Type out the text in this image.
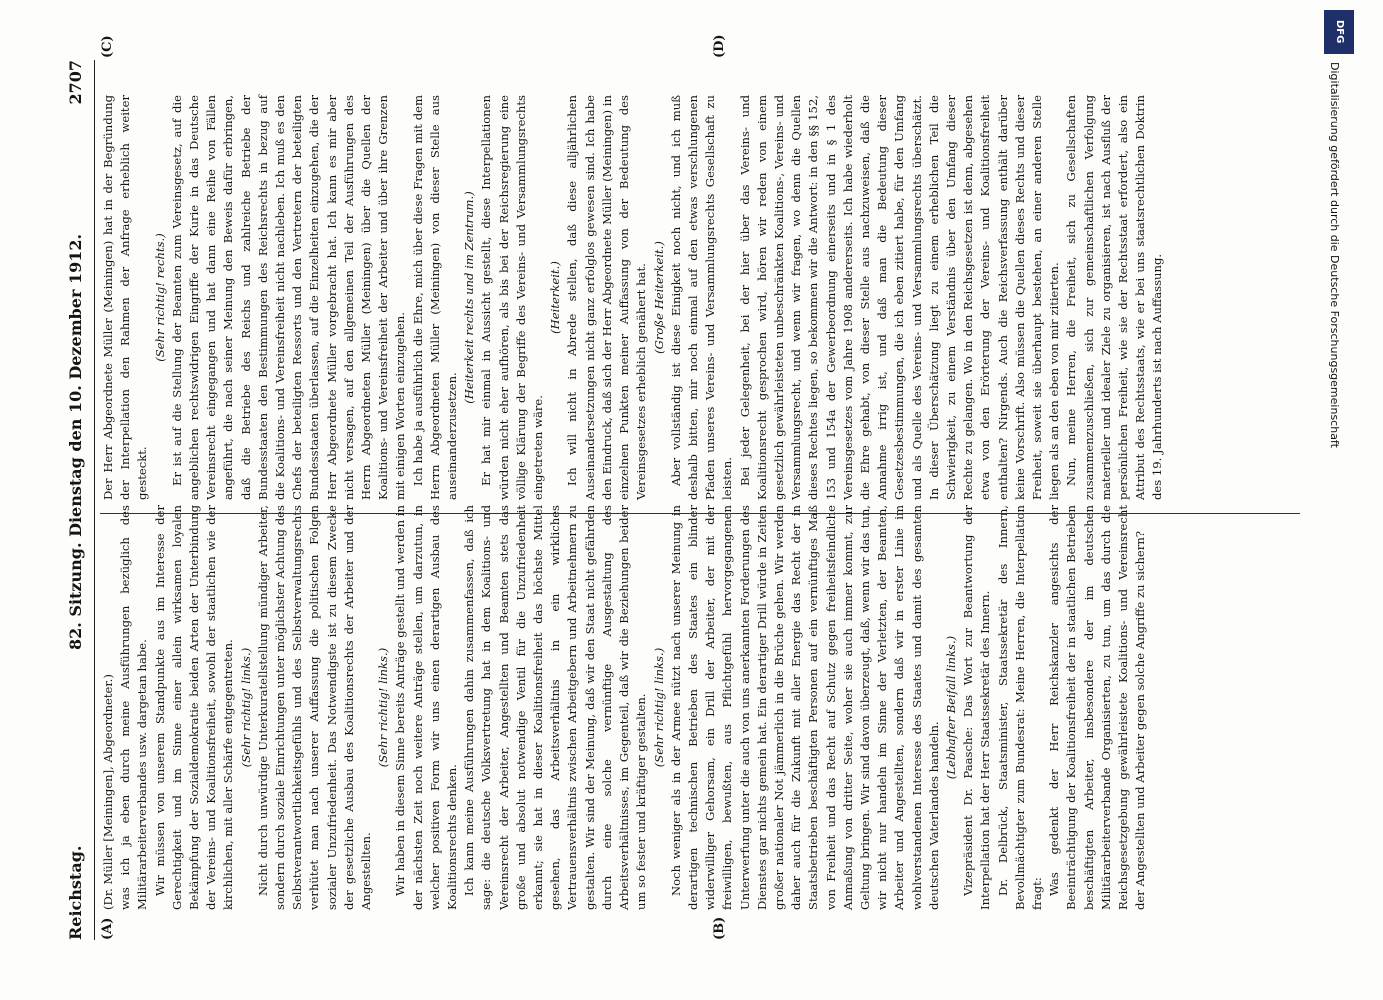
Reichstag.
82. Sitzung. Dienstag den 10. Dezember 1912.
2707
(A)	(B)
(C)	(D)

(Dr. Müller [Meiningen], Abgeordneter.) was ich ja eben durch meine Ausführungen bezüglich des Militärarbeiterverbandes usw. dargetan habe. Wir müssen von unserem Standpunkte aus im Interesse der Gerechtigkeit und im Sinne einer allein wirksamen loyalen Bekämpfung der Sozialdemokratie beiden Arten der Unterbindung der Vereins- und Koalitionsfreiheit, sowohl der staatlichen wie der kirchlichen, mit aller Schärfe entgegentreten. (Sehr richtig! links.) Nicht durch unwürdige Unterkuratellstellung mündiger Arbeiter, sondern durch soziale Einrichtungen unter möglichster Achtung des Selbstverantwortlichkeitsgefühls und des Selbstverwaltungsrechts verhütet man nach unserer Auffassung die politischen Folgen sozialer Unzufriedenheit. Das Notwendigste ist zu diesem Zwecke der gesetzliche Ausbau des Koalitionsrechts der Arbeiter und der Angestellten.

(Sehr richtig! links.) Wir haben in diesem Sinne bereits Anträge gestellt und werden in der nächsten Zeit noch weitere Anträge stellen, um darzutun, in welcher positiven Form wir uns einen derartigen Ausbau des Koalitionsrechts denken. Ich kann meine Ausführungen dahin zusammenfassen, daß ich sage: die deutsche Volksvertretung hat in dem Koalitions- und Vereinsrecht der Arbeiter, Angestellten und Beamten stets das große und absolut notwendige Ventil für die Unzufriedenheit erkannt; sie hat in dieser Koalitionsfreiheit das höchste Mittel gesehen, das Arbeitsverhältnis in ein wirkliches Vertrauensverhältnis zwischen Arbeitgebern und Arbeitnehmern zu gestalten. Wir sind der Meinung, daß wir den Staat nicht gefährden durch eine solche vernünftige Ausgestaltung des Arbeitsverhältnisses, im Gegenteil, daß wir die Beziehungen beider um so fester und kräftiger gestalten. (Sehr richtig! links.) Noch weniger als in der Armee nützt nach unserer Meinung in derartigen technischen Betrieben des Staates ein blinder widerwilliger Gehorsam, ein Drill der Arbeiter, der mit der freiwilligen, bewußten, aus Pflichtgefühl hervorgegangenen Unterwerfung unter die auch von uns anerkannten Forderungen des Dienstes gar nichts gemein hat. Ein derartiger Drill würde in Zeiten großer nationaler Not jämmerlich in die Brüche gehen. Wir werden daher auch für die Zukunft mit aller Energie das Recht der in Staatsbetrieben beschäftigten Personen auf ein vernünftiges Maß von Freiheit und das Recht auf Schutz gegen freiheitsfeindliche Anmaßung von dritter Seite, woher sie auch immer kommt, zur Geltung bringen. Wir sind davon überzeugt, daß, wenn wir das tun, wir nicht nur handeln im Sinne der Verletzten, der Beamten, Arbeiter und Angestellten, sondern daß wir in erster Linie im wohlverstandenen Interesse des Staates und damit des gesamten deutschen Vaterlandes handeln.

(Lebhafter Beifall links.) Vizepräsident Dr. Paasche: Das Wort zur Beantwortung der Interpellation hat der Herr Staatssekretär des Innern. Dr. Delbrück, Staatsminister, Staatssekretär des Innern, Bevollmächtigter zum Bundesrat: Meine Herren, die Interpellation fragt: Was gedenkt der Herr Reichskanzler angesichts der Beeinträchtigung der Koalitionsfreiheit der in staatlichen Betrieben beschäftigten Arbeiter, insbesondere der im deutschen Militärarbeiterverbande Organisierten, zu tun, um das durch die Reichsgesetzgebung gewährleistete Koalitions- und Vereinsrecht der Angestellten und Arbeiter gegen solche Angriffe zu sichern?

Der Herr Abgeordnete Müller (Meiningen) hat in der Begründung der Interpellation den Rahmen der Anfrage erheblich weiter gesteckt.

(Sehr richtig! rechts.) Er ist auf die Stellung der Beamten zum Vereinsgesetz, auf die angeblichen rechtswidrigen Eingriffe der Kurie in das Deutsche Vereinsrecht eingegangen und hat dann eine Reihe von Fällen angeführt, die nach seiner Meinung den Beweis dafür erbringen, daß die Betriebe des Reichs und zahlreiche Betriebe der Bundesstaaten den Bestimmungen des Reichsrechts in bezug auf die Koalitions- und Vereinsfreiheit nicht nachleben. Ich muß es den Chefs der beteiligten Ressorts und den Vertretern der beteiligten Bundesstaaten überlassen, auf die Einzelheiten einzugehen, die der Herr Abgeordnete Müller vorgebracht hat. Ich kann es mir aber nicht versagen, auf den allgemeinen Teil der Ausführungen des Herrn Abgeordneten Müller (Meiningen) über die Quellen der Koalitions- und Vereinsfreiheit der Arbeiter und über ihre Grenzen mit einigen Worten einzugehen. Ich habe ja ausführlich die Ehre, mich über diese Fragen mit dem Herrn Abgeordneten Müller (Meiningen) von dieser Stelle aus auseinanderzusetzen.

(Heiterkeit rechts und im Zentrum.) Er hat mir einmal in Aussicht gestellt, diese Interpellationen würden nicht eher aufhören, als bis bei der Reichsregierung eine völlige Klärung der Begriffe des Vereins- und Versammlungsrechts eingetreten wäre.

(Heiterkeit.) Ich will nicht in Abrede stellen, daß diese alljährlichen Auseinandersetzungen nicht ganz erfolglos gewesen sind. Ich habe den Eindruck, daß sich der Herr Abgeordnete Müller (Meiningen) in einzelnen Punkten meiner Auffassung von der Bedeutung des Vereinsgesetzes erheblich genähert hat. (Große Heiterkeit.) Aber vollständig ist diese Einigkeit noch nicht, und ich muß deshalb bitten, mir noch einmal auf den etwas verschlungenen Pfaden unseres Vereins- und Versammlungsrechts Gesellschaft zu leisten. Bei jeder Gelegenheit, bei der hier über das Vereins- und Koalitionsrecht gesprochen wird, hören wir reden von einem gesetzlich gewährleisteten unbeschränkten Koalitions-, Vereins- und Versammlungsrecht, und wenn wir fragen, wo denn die Quellen dieses Rechtes liegen, so bekommen wir die Antwort: in den §§ 152, 153 und 154a der Gewerbeordnung einerseits und in § 1 des Vereinsgesetzes vom Jahre 1908 andererseits. Ich habe wiederholt die Ehre gehabt, von dieser Stelle aus nachzuweisen, daß die Annahme irrig ist, und daß man die Bedeutung dieser Gesetzesbestimmungen, die ich eben zitiert habe, für den Umfang und als Quelle des Vereins- und Versammlungsrechts überschätzt. In dieser Überschätzung liegt zu einem erheblichen Teil die Schwierigkeit, zu einem Verständnis über den Umfang dieser Rechte zu gelangen. Wo in den Reichsgesetzen ist denn, abgesehen etwa von den Erörterung der Vereins- und Koalitionsfreiheit enthalten? Nirgends. Auch die Reichsverfassung enthält darüber keine Vorschrift. Also müssen die Quellen dieses Rechts und dieser Freiheit, soweit sie überhaupt bestehen, an einer anderen Stelle liegen als an den eben von mir zitierten. Nun, meine Herren, die Freiheit, sich zu Gesellschaften zusammenzuschließen, sich zur gemeinschaftlichen Verfolgung materieller und idealer Ziele zu organisieren, ist nach Ausfluß der persönlichen Freiheit, wie sie der Rechtsstaat erfordert, also ein Attribut des Rechtsstaats, wie er bei uns staatsrechtlichen Doktrin des 19. Jahrhunderts ist nach Auffassung.

DFG
Digitalisierung gefördert durch die Deutsche Forschungsgemeinschaft
